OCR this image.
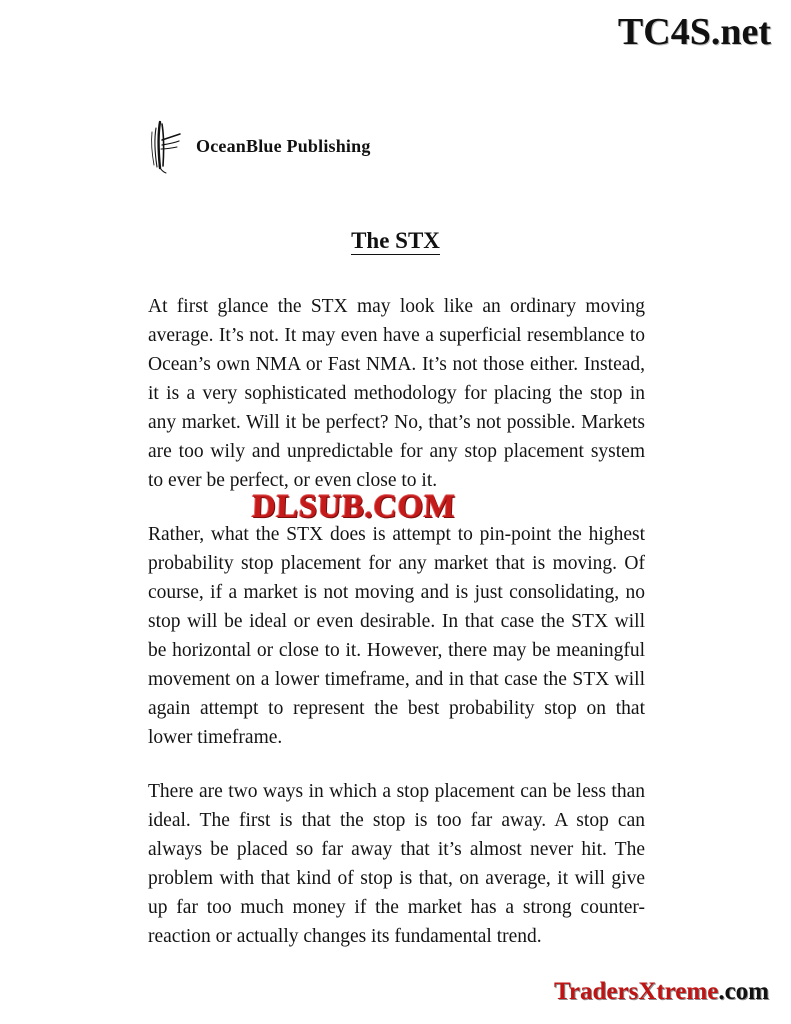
TC4S.net
OceanBlue Publishing
The STX

At first glance the STX may look like an ordinary moving average. It’s not. It may even have a superficial resemblance to Ocean’s own NMA or Fast NMA. It’s not those either. Instead, it is a very sophisticated methodology for placing the stop in any market. Will it be perfect? No, that’s not possible. Markets are too wily and unpredictable for any stop placement system to ever be perfect, or even close to it.

Rather, what the STX does is attempt to pin-point the highest probability stop placement for any market that is moving. Of course, if a market is not moving and is just consolidating, no stop will be ideal or even desirable. In that case the STX will be horizontal or close to it. However, there may be meaningful movement on a lower timeframe, and in that case the STX will again attempt to represent the best probability stop on that lower timeframe.

There are two ways in which a stop placement can be less than ideal. The first is that the stop is too far away. A stop can always be placed so far away that it’s almost never hit. The problem with that kind of stop is that, on average, it will give up far too much money if the market has a strong counter-reaction or actually changes its fundamental trend.

DLSUB.COM
TradersXtreme.com
